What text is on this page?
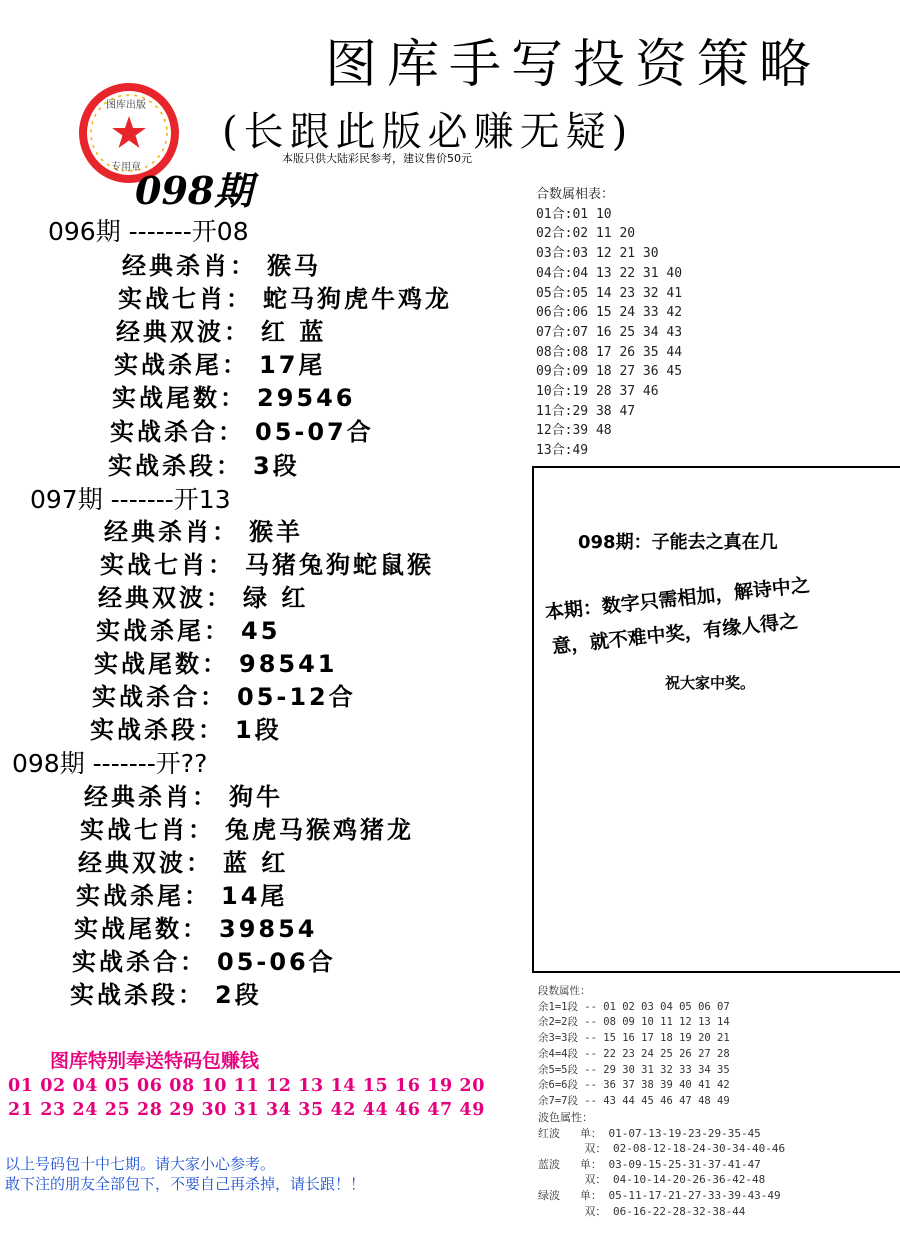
图库手写投资策略
(长跟此版必赚无疑)
本版只供大陆彩民参考，建议售价50元
图库出版
专用章
098期
096期 -------开08
经典杀肖： 猴马
实战七肖： 蛇马狗虎牛鸡龙
经典双波： 红 蓝
实战杀尾： 17尾
实战尾数： 29546
实战杀合： 05-07合
实战杀段： 3段
097期 -------开13
经典杀肖： 猴羊
实战七肖： 马猪兔狗蛇鼠猴
经典双波： 绿 红
实战杀尾： 45
实战尾数： 98541
实战杀合： 05-12合
实战杀段： 1段
098期 -------开??
经典杀肖： 狗牛
实战七肖： 兔虎马猴鸡猪龙
经典双波： 蓝 红
实战杀尾： 14尾
实战尾数： 39854
实战杀合： 05-06合
实战杀段： 2段
合数属相表：
01合:01 10
02合:02 11 20
03合:03 12 21 30
04合:04 13 22 31 40
05合:05 14 23 32 41
06合:06 15 24 33 42
07合:07 16 25 34 43
08合:08 17 26 35 44
09合:09 18 27 36 45
10合:19 28 37 46
11合:29 38 47
12合:39 48
13合:49
098期：子能去之真在几
本期：数字只需相加，解诗中之
意，就不难中奖，有缘人得之
祝大家中奖。
图库特别奉送特码包赚钱
01 02 04 05 06 08 10 11 12 13 14 15 16 19 20
21 23 24 25 28 29 30 31 34 35 42 44 46 47 49
以上号码包十中七期。请大家小心参考。
敢下注的朋友全部包下，不要自己再杀掉，请长跟！！
段数属性：
余1=1段 -- 01 02 03 04 05 06 07
余2=2段 -- 08 09 10 11 12 13 14
余3=3段 -- 15 16 17 18 19 20 21
余4=4段 -- 22 23 24 25 26 27 28
余5=5段 -- 29 30 31 32 33 34 35
余6=6段 -- 36 37 38 39 40 41 42
余7=7段 -- 43 44 45 46 47 48 49
波色属性：
红波   单： 01-07-13-19-23-29-35-45
双： 02-08-12-18-24-30-34-40-46
蓝波   单： 03-09-15-25-31-37-41-47
双： 04-10-14-20-26-36-42-48
绿波   单： 05-11-17-21-27-33-39-43-49
双： 06-16-22-28-32-38-44
